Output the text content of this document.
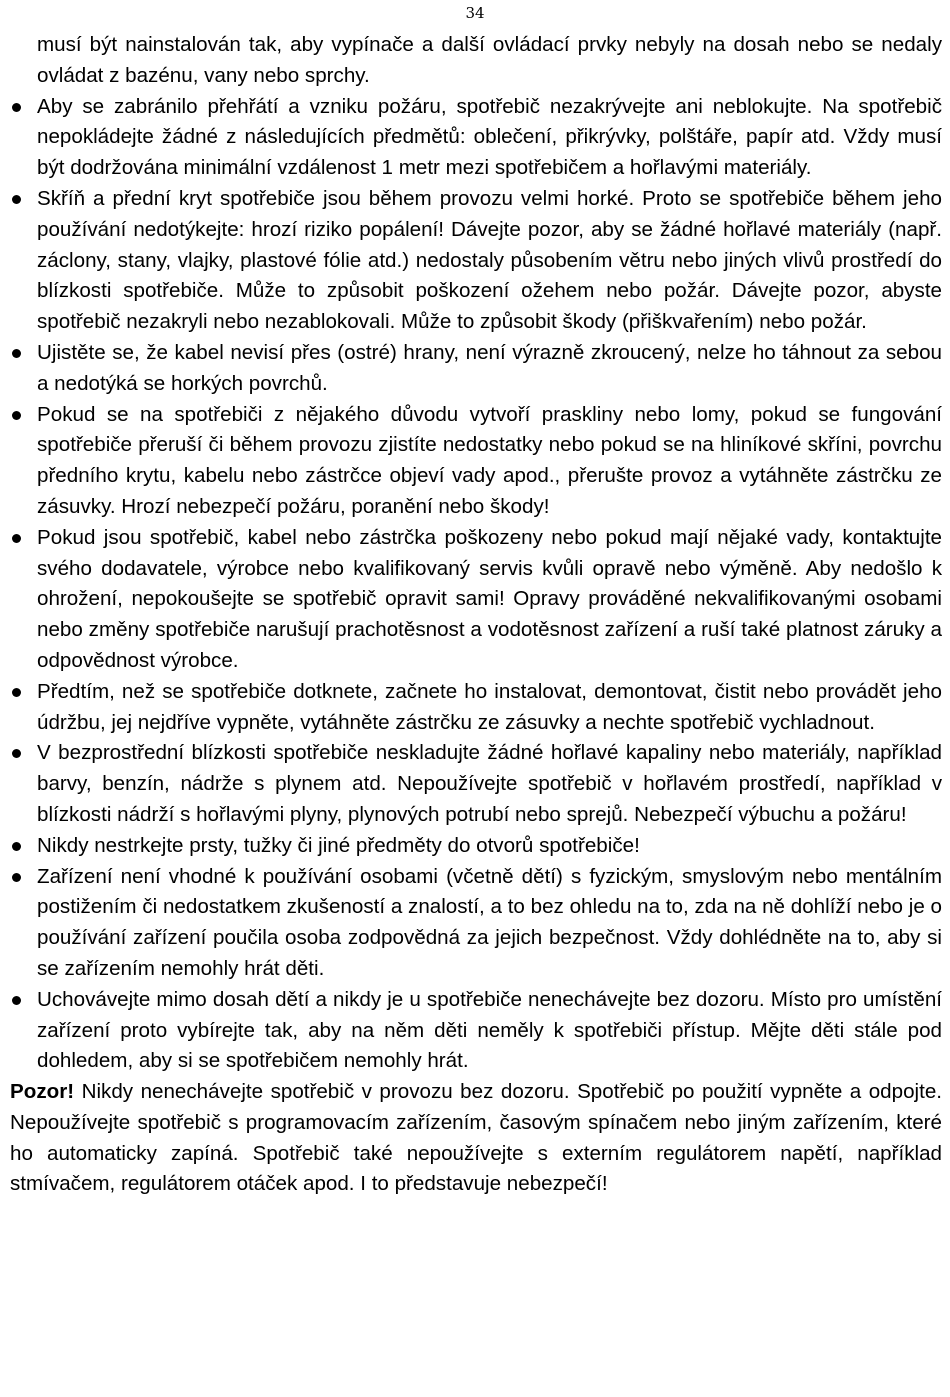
34

musí být nainstalován tak, aby vypínače a další ovládací prvky nebyly na dosah nebo se nedaly ovládat z bazénu, vany nebo sprchy.

Aby se zabránilo přehřátí a vzniku požáru, spotřebič nezakrývejte ani neblokujte. Na spotřebič nepokládejte žádné z následujících předmětů: oblečení, přikrývky, polštáře, papír atd. Vždy musí být dodržována minimální vzdálenost 1 metr mezi spotřebičem a hořlavými materiály.
Skříň a přední kryt spotřebiče jsou během provozu velmi horké. Proto se spotřebiče během jeho používání nedotýkejte: hrozí riziko popálení! Dávejte pozor, aby se žádné hořlavé materiály (např. záclony, stany, vlajky, plastové fólie atd.) nedostaly působením větru nebo jiných vlivů prostředí do blízkosti spotřebiče. Může to způsobit poškození ožehem nebo požár. Dávejte pozor, abyste spotřebič nezakryli nebo nezablokovali. Může to způsobit škody (přiškvařením) nebo požár.
Ujistěte se, že kabel nevisí přes (ostré) hrany, není výrazně zkroucený, nelze ho táhnout za sebou a nedotýká se horkých povrchů.
Pokud se na spotřebiči z nějakého důvodu vytvoří praskliny nebo lomy, pokud se fungování spotřebiče přeruší či během provozu zjistíte nedostatky nebo pokud se na hliníkové skříni, povrchu předního krytu, kabelu nebo zástrčce objeví vady apod., přerušte provoz a vytáhněte zástrčku ze zásuvky. Hrozí nebezpečí požáru, poranění nebo škody!
Pokud jsou spotřebič, kabel nebo zástrčka poškozeny nebo pokud mají nějaké vady, kontaktujte svého dodavatele, výrobce nebo kvalifikovaný servis kvůli opravě nebo výměně. Aby nedošlo k ohrožení, nepokoušejte se spotřebič opravit sami! Opravy prováděné nekvalifikovanými osobami nebo změny spotřebiče narušují prachotěsnost a vodotěsnost zařízení a ruší také platnost záruky a odpovědnost výrobce.
Předtím, než se spotřebiče dotknete, začnete ho instalovat, demontovat, čistit nebo provádět jeho údržbu, jej nejdříve vypněte, vytáhněte zástrčku ze zásuvky a nechte spotřebič vychladnout.
V bezprostřední blízkosti spotřebiče neskladujte žádné hořlavé kapaliny nebo materiály, například barvy, benzín, nádrže s plynem atd. Nepoužívejte spotřebič v hořlavém prostředí, například v blízkosti nádrží s hořlavými plyny, plynových potrubí nebo sprejů. Nebezpečí výbuchu a požáru!
Nikdy nestrkejte prsty, tužky či jiné předměty do otvorů spotřebiče!
Zařízení není vhodné k používání osobami (včetně dětí) s fyzickým, smyslovým nebo mentálním postižením či nedostatkem zkušeností a znalostí, a to bez ohledu na to, zda na ně dohlíží nebo je o používání zařízení poučila osoba zodpovědná za jejich bezpečnost. Vždy dohlédněte na to, aby si se zařízením nemohly hrát děti.
Uchovávejte mimo dosah dětí a nikdy je u spotřebiče nenechávejte bez dozoru. Místo pro umístění zařízení proto vybírejte tak, aby na něm děti neměly k spotřebiči přístup. Mějte děti stále pod dohledem, aby si se spotřebičem nemohly hrát.

Pozor! Nikdy nenechávejte spotřebič v provozu bez dozoru. Spotřebič po použití vypněte a odpojte. Nepoužívejte spotřebič s programovacím zařízením, časovým spínačem nebo jiným zařízením, které ho automaticky zapíná. Spotřebič také nepoužívejte s externím regulátorem napětí, například stmívačem, regulátorem otáček apod. I to představuje nebezpečí!
